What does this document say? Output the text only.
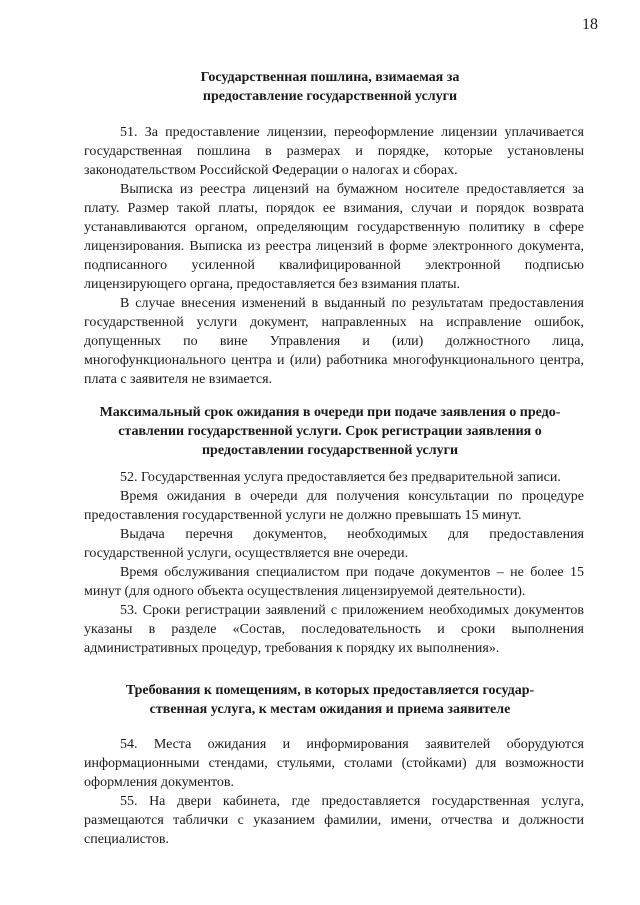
18
Государственная пошлина, взимаемая за
предоставление государственной услуги

51. За предоставление лицензии, переоформление лицензии уплачивается государственная пошлина в размерах и порядке, которые установлены законодательством Российской Федерации о налогах и сборах.

Выписка из реестра лицензий на бумажном носителе предоставляется за плату. Размер такой платы, порядок ее взимания, случаи и порядок возврата устанавливаются органом, определяющим государственную политику в сфере лицензирования. Выписка из реестра лицензий в форме электронного документа, подписанного усиленной квалифицированной электронной подписью лицензирующего органа, предоставляется без взимания платы.

В случае внесения изменений в выданный по результатам предоставления государственной услуги документ, направленных на исправление ошибок, допущенных по вине Управления и (или) должностного лица, многофункционального центра и (или) работника многофункционального центра, плата с заявителя не взимается.

Максимальный срок ожидания в очереди при подаче заявления о предо-
ставлении государственной услуги. Срок регистрации заявления о
предоставлении государственной услуги

52. Государственная услуга предоставляется без предварительной записи.

Время ожидания в очереди для получения консультации по процедуре предоставления государственной услуги не должно превышать 15 минут.

Выдача перечня документов, необходимых для предоставления государственной услуги, осуществляется вне очереди.

Время обслуживания специалистом при подаче документов – не более 15 минут (для одного объекта осуществления лицензируемой деятельности).

53. Сроки регистрации заявлений с приложением необходимых документов указаны в разделе «Состав, последовательность и сроки выполнения административных процедур, требования к порядку их выполнения».

Требования к помещениям, в которых предоставляется государ-
ственная услуга, к местам ожидания и приема заявителе

54. Места ожидания и информирования заявителей оборудуются информационными стендами, стульями, столами (стойками) для возможности оформления документов.

55. На двери кабинета, где предоставляется государственная услуга, размещаются таблички с указанием фамилии, имени, отчества и должности специалистов.
